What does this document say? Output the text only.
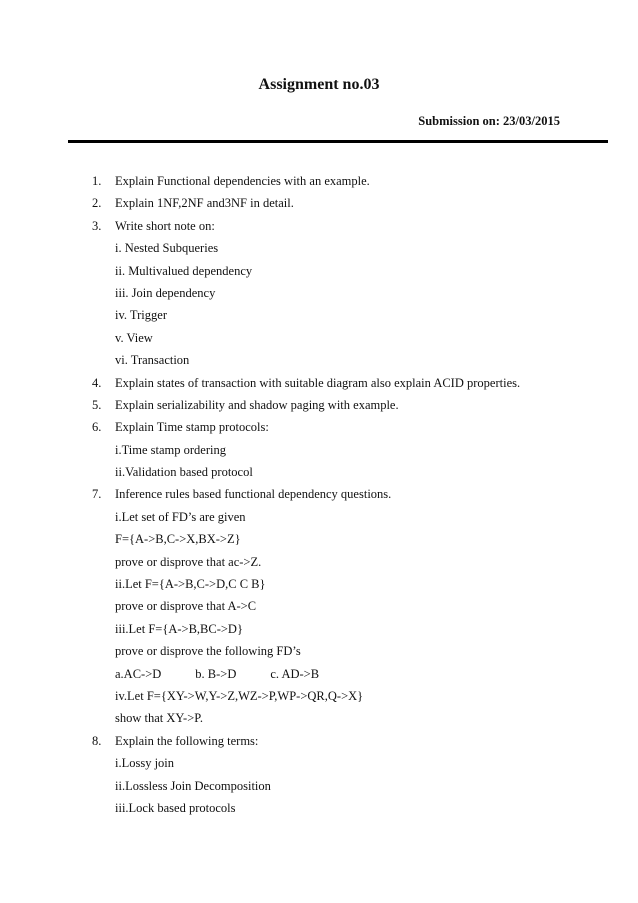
Assignment no.03
Submission on: 23/03/2015
1.	Explain Functional dependencies with an example.
2.	Explain 1NF,2NF and3NF in detail.
3.	Write short note on:
i. Nested Subqueries
ii. Multivalued dependency
iii. Join dependency
iv. Trigger
v. View
vi. Transaction
4.	Explain states of transaction with suitable diagram also explain ACID properties.
5.	Explain serializability and shadow paging with example.
6.	Explain Time stamp protocols:
i.Time stamp ordering
ii.Validation based protocol
7.	Inference rules based functional dependency questions.
i.Let set of FD’s are given
F={A->B,C->X,BX->Z}
prove or disprove that ac->Z.
ii.Let F={A->B,C->D,C C B}
prove or disprove that A->C
iii.Let F={A->B,BC->D}
prove or disprove the following FD’s
a.AC->D	b. B->D	c. AD->B
iv.Let F={XY->W,Y->Z,WZ->P,WP->QR,Q->X}
show that XY->P.
8.	Explain the following terms:
i.Lossy join
ii.Lossless Join Decomposition
iii.Lock based protocols
